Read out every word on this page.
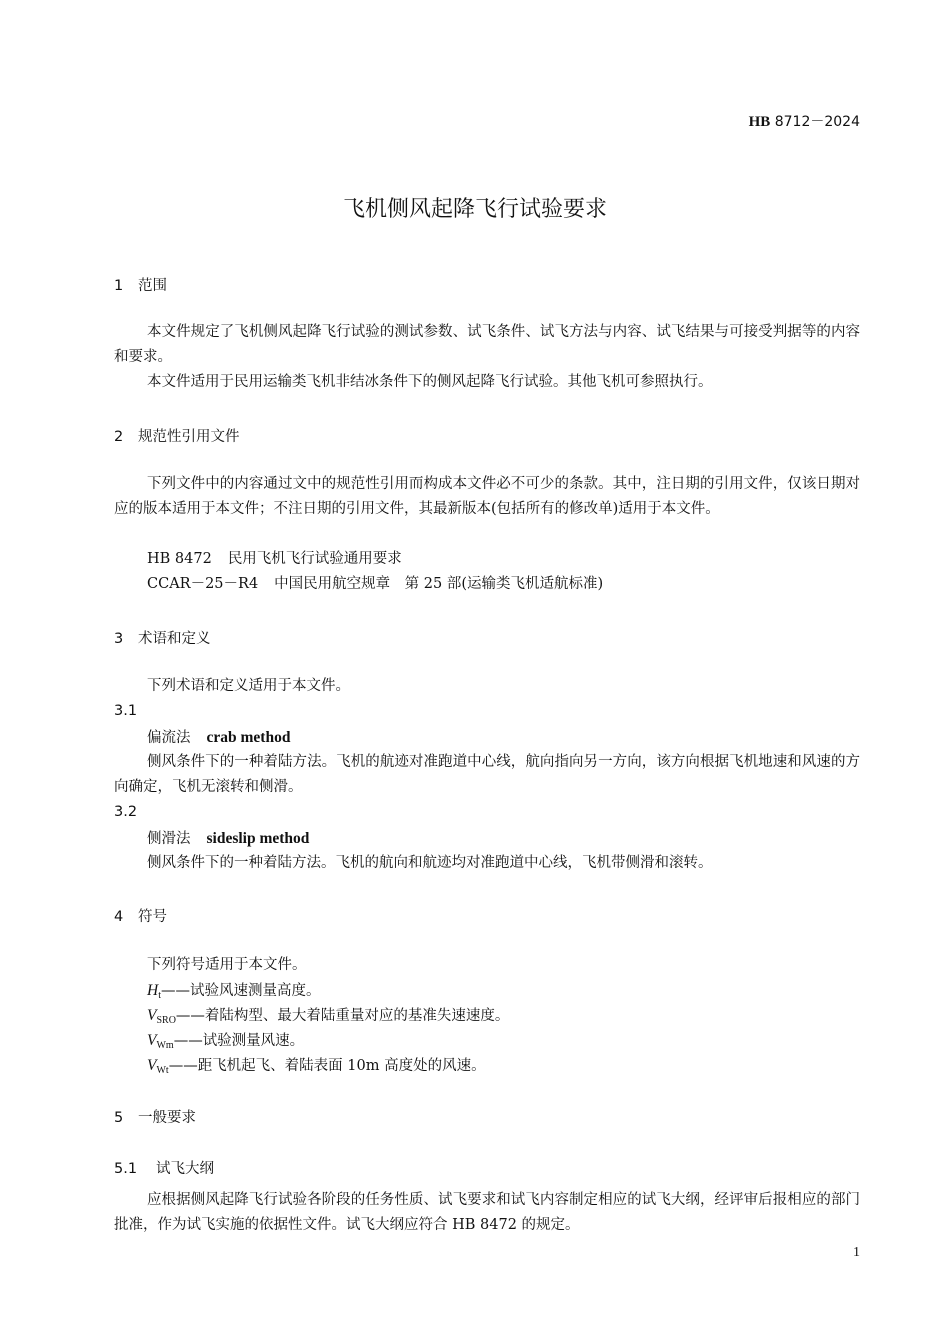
HB 8712－2024
飞机侧风起降飞行试验要求
1 范围
本文件规定了飞机侧风起降飞行试验的测试参数、试飞条件、试飞方法与内容、试飞结果与可接受判据等的内容和要求。
本文件适用于民用运输类飞机非结冰条件下的侧风起降飞行试验。其他飞机可参照执行。
2 规范性引用文件
下列文件中的内容通过文中的规范性引用而构成本文件必不可少的条款。其中，注日期的引用文件，仅该日期对应的版本适用于本文件；不注日期的引用文件，其最新版本(包括所有的修改单)适用于本文件。
HB 8472 民用飞机飞行试验通用要求
CCAR－25－R4 中国民用航空规章　第 25 部(运输类飞机适航标准)
3 术语和定义
下列术语和定义适用于本文件。
3.1
偏流法 crab method
侧风条件下的一种着陆方法。飞机的航迹对准跑道中心线，航向指向另一方向，该方向根据飞机地速和风速的方向确定，飞机无滚转和侧滑。
3.2
侧滑法 sideslip method
侧风条件下的一种着陆方法。飞机的航向和航迹均对准跑道中心线，飞机带侧滑和滚转。
4 符号
下列符号适用于本文件。
$H_t——$试验风速测量高度。
$V_{SRO}——$着陆构型、最大着陆重量对应的基准失速速度。
$V_{Wm}——$试验测量风速。
$V_{Wt}——$距飞机起飞、着陆表面 10m 高度处的风速。
5 一般要求
5.1 试飞大纲
应根据侧风起降飞行试验各阶段的任务性质、试飞要求和试飞内容制定相应的试飞大纲，经评审后报相应的部门批准，作为试飞实施的依据性文件。试飞大纲应符合 HB 8472 的规定。
1
